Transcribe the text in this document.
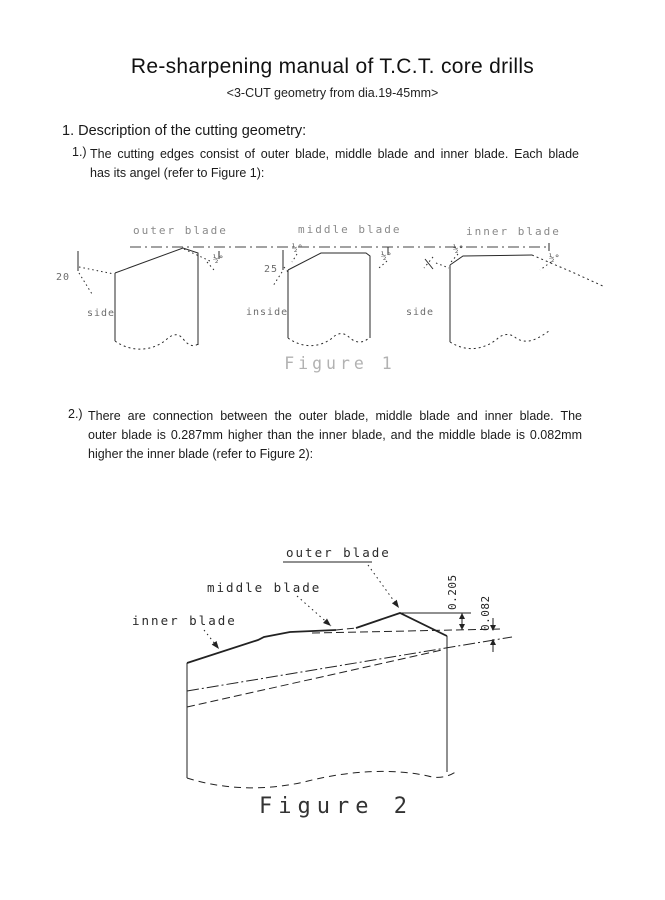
Re-sharpening manual of T.C.T. core drills
<3-CUT geometry from dia.19-45mm>
1. Description of the cutting geometry:
1.) The cutting edges consist of outer blade, middle blade and inner blade. Each blade
has its angel (refer to Figure 1):
2.) There are connection between the outer blade, middle blade and inner blade. The
outer blade is 0.287mm higher than the inner blade, and the middle blade is 0.082mm
higher the inner blade (refer to Figure 2):
outer blade	middle blade	inner blade
20
25
½°
½°
½°
½°
½°
side	inside	side
Figure 1
outer blade
middle blade
inner blade
0.205
0.082
Figure 2
